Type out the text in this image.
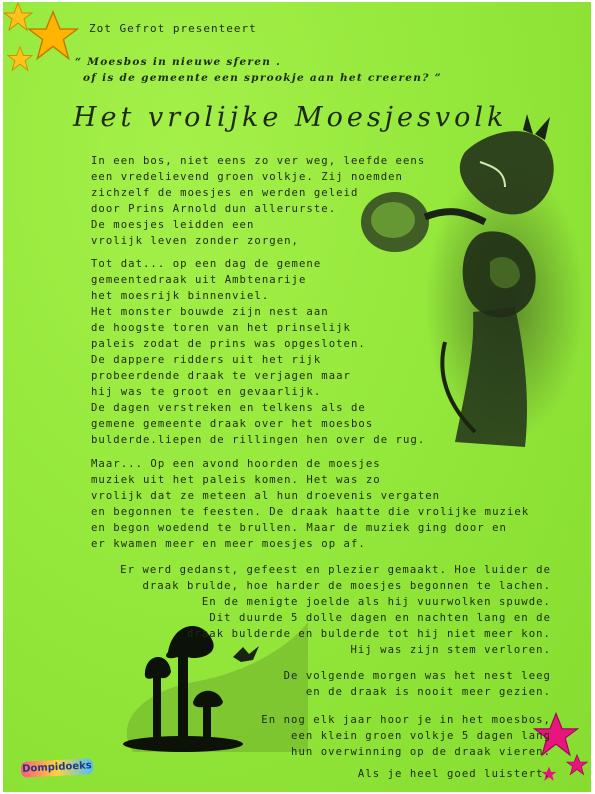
Zot Gefrot presenteert
“ Moesbos in nieuwe sferen .
of is de gemeente een sprookje aan het creeren? ”
Het vrolijke Moesjesvolk
In een bos, niet eens zo ver weg, leefde eens
een vredelievend groen volkje. Zij noemden
zichzelf de moesjes en werden geleid
door Prins Arnold dun allerurste.
De moesjes leidden een
vrolijk leven zonder zorgen,
Tot dat... op een dag de gemene
gemeentedraak uit Ambtenarije
het moesrijk binnenviel.
Het monster bouwde zijn nest aan
de hoogste toren van het prinselijk
paleis zodat de prins was opgesloten.
De dappere ridders uit het rijk
probeerdende draak te verjagen maar
hij was te groot en gevaarlijk.
De dagen verstreken en telkens als de
gemene gemeente draak over het moesbos
bulderde.liepen de rillingen hen over de rug.
Maar... Op een avond hoorden de moesjes
muziek uit het paleis komen. Het was zo
vrolijk dat ze meteen al hun droevenis vergaten
en begonnen te feesten. De draak haatte die vrolijke muziek
en begon woedend te brullen. Maar de muziek ging door en
er kwamen meer en meer moesjes op af.
Er werd gedanst, gefeest en plezier gemaakt. Hoe luider de
draak brulde, hoe harder de moesjes begonnen te lachen.
En de menigte joelde als hij vuurwolken spuwde.
Dit duurde 5 dolle dagen en nachten lang en de
draak bulderde en bulderde tot hij niet meer kon.
Hij was zijn stem verloren.
De volgende morgen was het nest leeg
en de draak is nooit meer gezien.
En nog elk jaar hoor je in het moesbos,
een klein groen volkje 5 dagen lang
hun overwinning op de draak vieren.
Als je heel goed luistert.
Dompidoeks
